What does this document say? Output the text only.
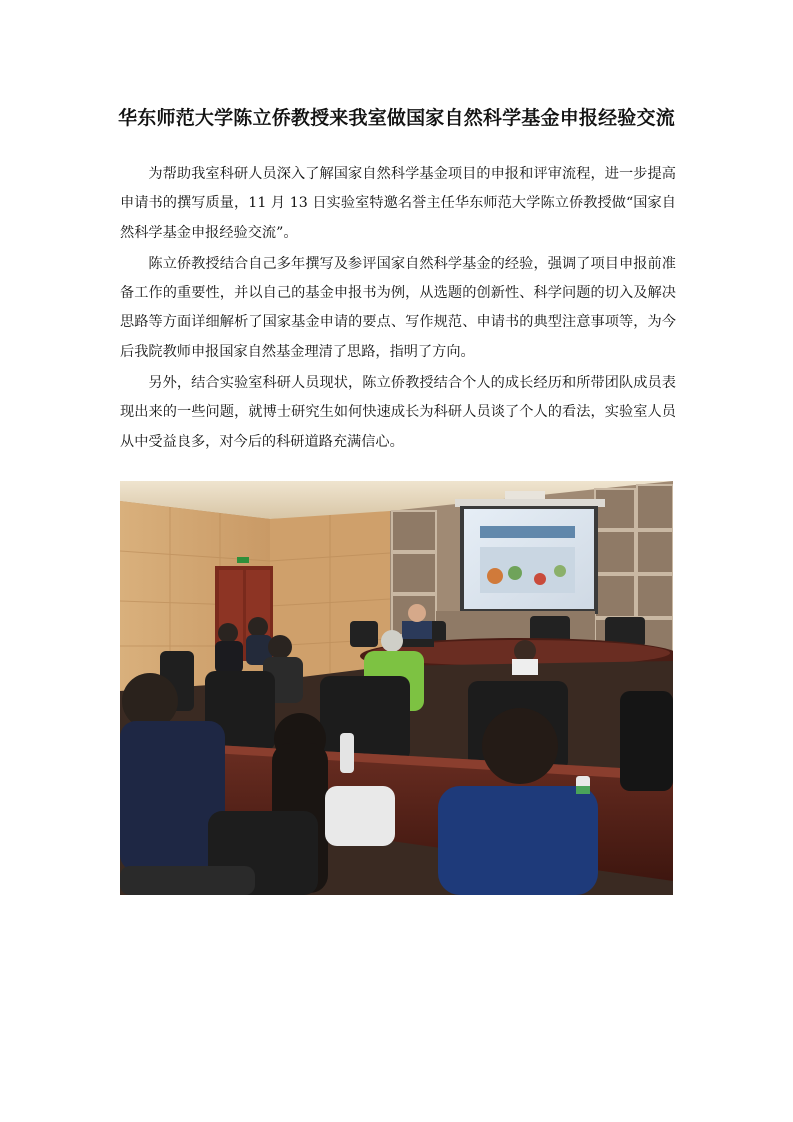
华东师范大学陈立侨教授来我室做国家自然科学基金申报经验交流

为帮助我室科研人员深入了解国家自然科学基金项目的申报和评审流程，进一步提高申请书的撰写质量，11 月 13 日实验室特邀名誉主任华东师范大学陈立侨教授做“国家自然科学基金申报经验交流”。

陈立侨教授结合自己多年撰写及参评国家自然科学基金的经验，强调了项目申报前准备工作的重要性，并以自己的基金申报书为例，从选题的创新性、科学问题的切入及解决思路等方面详细解析了国家基金申请的要点、写作规范、申请书的典型注意事项等，为今后我院教师申报国家自然基金理清了思路，指明了方向。

另外，结合实验室科研人员现状，陈立侨教授结合个人的成长经历和所带团队成员表现出来的一些问题，就博士研究生如何快速成长为科研人员谈了个人的看法，实验室人员从中受益良多，对今后的科研道路充满信心。
